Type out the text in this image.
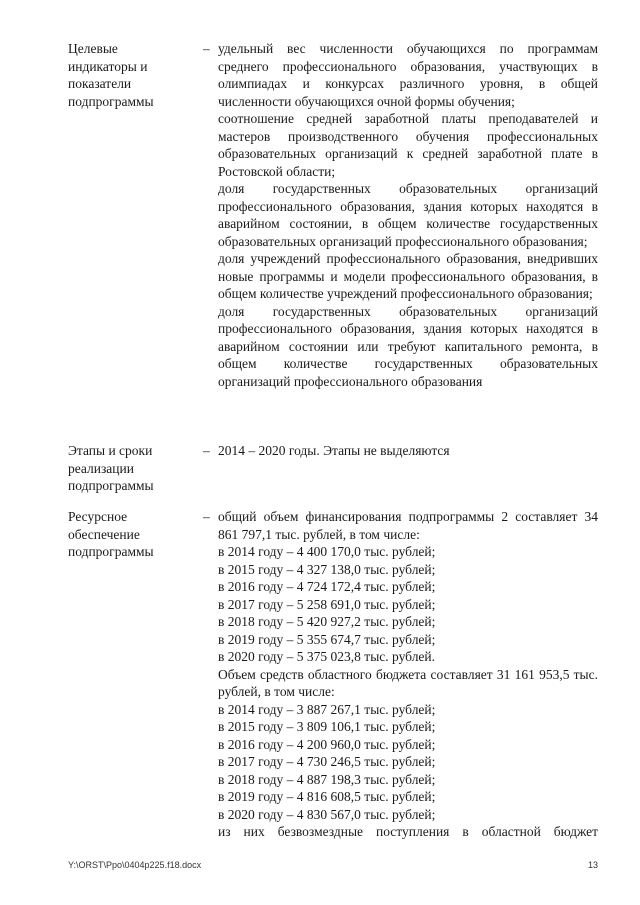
Целевые индикаторы и показатели подпрограммы
– удельный вес численности обучающихся по программам среднего профессионального образования, участвующих в олимпиадах и конкурсах различного уровня, в общей численности обучающихся очной формы обучения;

соотношение средней заработной платы преподавателей и мастеров производственного обучения профессиональных образовательных организаций к средней заработной плате в Ростовской области;

доля государственных образовательных организаций профессионального образования, здания которых находятся в аварийном состоянии, в общем количестве государственных образовательных организаций профессионального образования;

доля учреждений профессионального образования, внедривших новые программы и модели профессионального образования, в общем количестве учреждений профессионального образования;

доля государственных образовательных организаций профессионального образования, здания которых находятся в аварийном состоянии или требуют капитального ремонта, в общем количестве государственных образовательных организаций профессионального образования

Этапы и сроки реализации подпрограммы
– 2014 – 2020 годы. Этапы не выделяются

Ресурсное обеспечение подпрограммы
– общий объем финансирования подпрограммы 2 составляет 34 861 797,1 тыс. рублей, в том числе:

в 2014 году – 4 400 170,0 тыс. рублей;

в 2015 году – 4 327 138,0 тыс. рублей;

в 2016 году – 4 724 172,4 тыс. рублей;

в 2017 году – 5 258 691,0 тыс. рублей;

в 2018 году – 5 420 927,2 тыс. рублей;

в 2019 году – 5 355 674,7 тыс. рублей;

в 2020 году – 5 375 023,8 тыс. рублей.

Объем средств областного бюджета составляет 31 161 953,5 тыс. рублей, в том числе:

в 2014 году – 3 887 267,1 тыс. рублей;

в 2015 году – 3 809 106,1 тыс. рублей;

в 2016 году – 4 200 960,0 тыс. рублей;

в 2017 году – 4 730 246,5 тыс. рублей;

в 2018 году – 4 887 198,3 тыс. рублей;

в 2019 году – 4 816 608,5 тыс. рублей;

в 2020 году – 4 830 567,0 тыс. рублей;

из них безвозмездные поступления в областной бюджет

Y:\ORST\Ppo\0404p225.f18.docx	13
